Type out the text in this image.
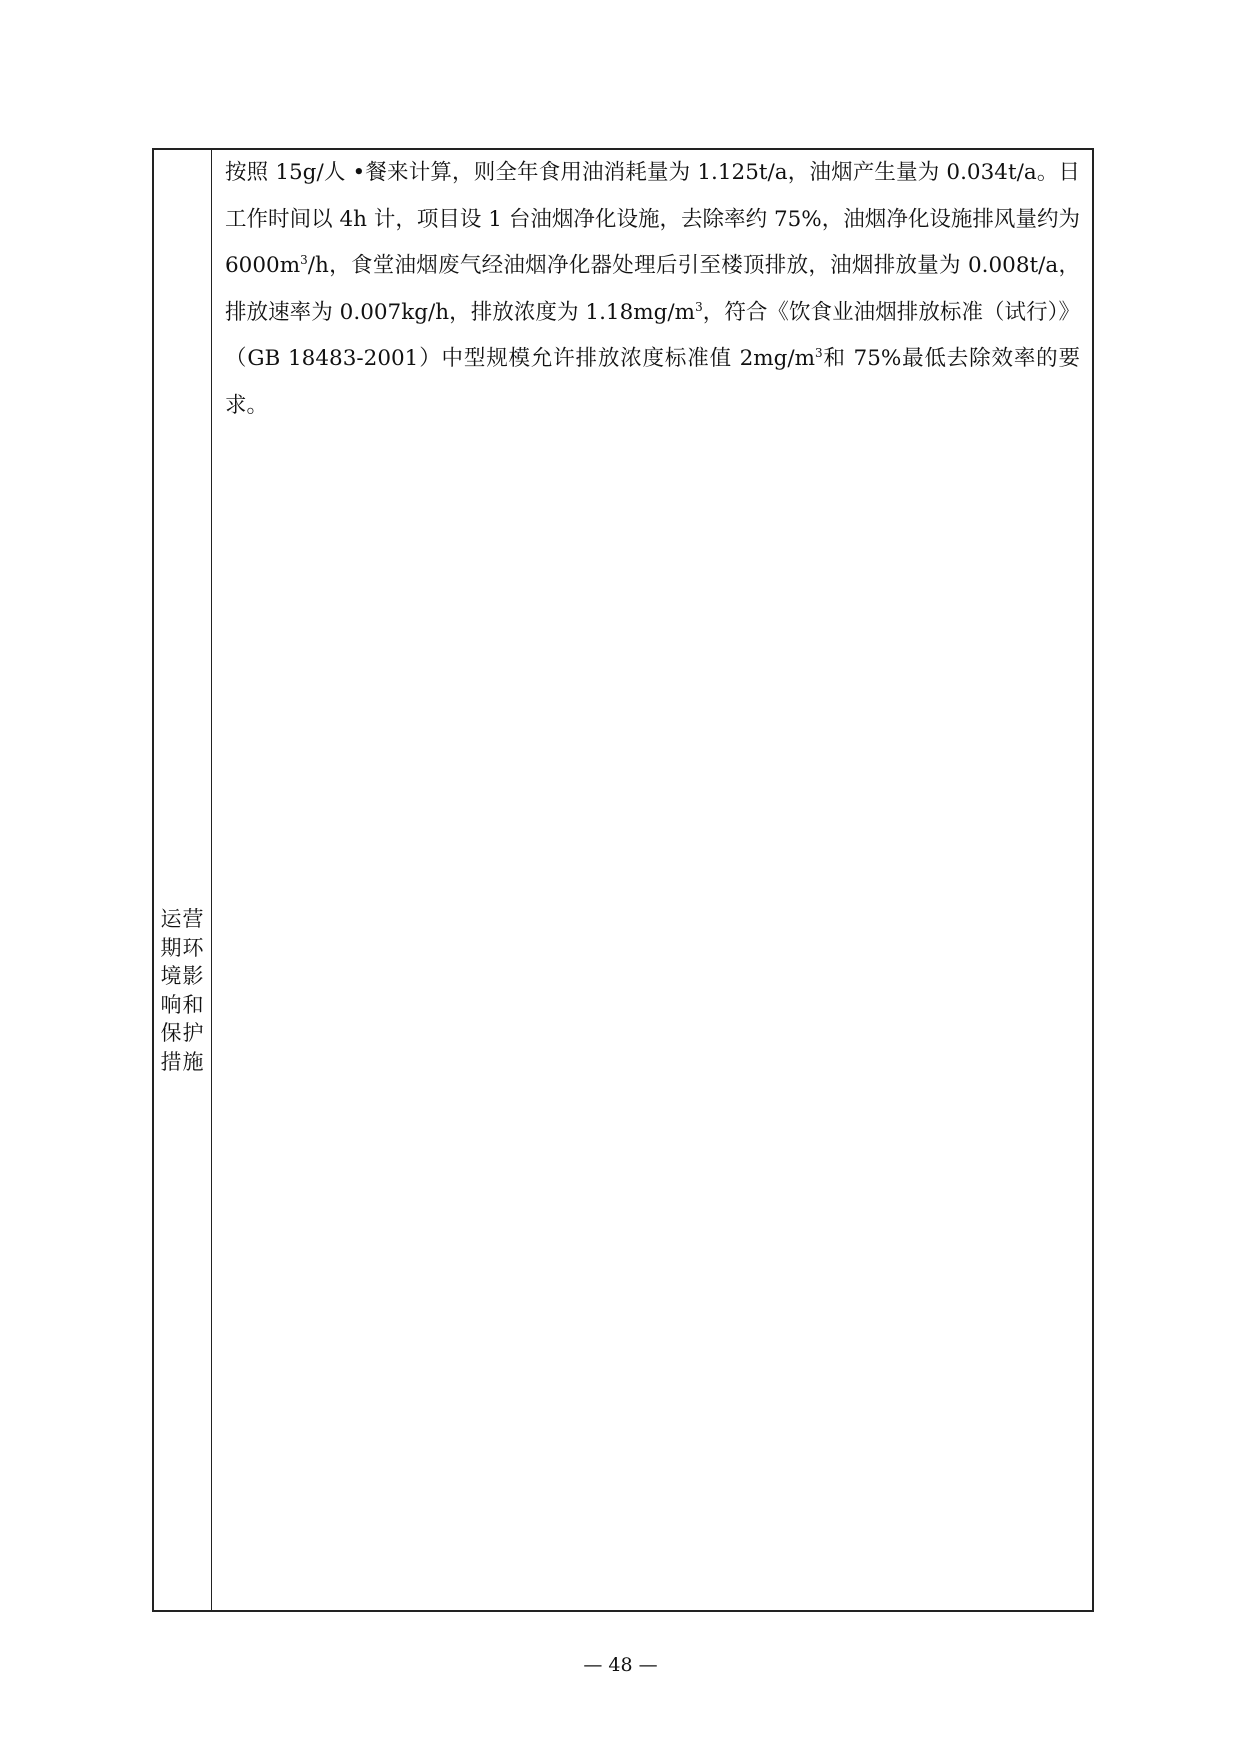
运营
期环
境影
响和
保护
措施
按照 15g/人 •餐来计算，则全年食用油消耗量为 1.125t/a，油烟产生量为 0.034t/a。日工作时间以 4h 计，项目设 1 台油烟净化设施，去除率约 75%，油烟净化设施排风量约为 $6000m^3/h$，食堂油烟废气经油烟净化器处理后引至楼顶排放，油烟排放量为 0.008t/a，排放速率为 0.007kg/h，排放浓度为 $1.18mg/m^3$，符合《饮食业油烟排放标准（试行）》（GB 18483-2001）中型规模允许排放浓度标准值 $2mg/m^3$和 75%最低去除效率的要求。
— 48 —
